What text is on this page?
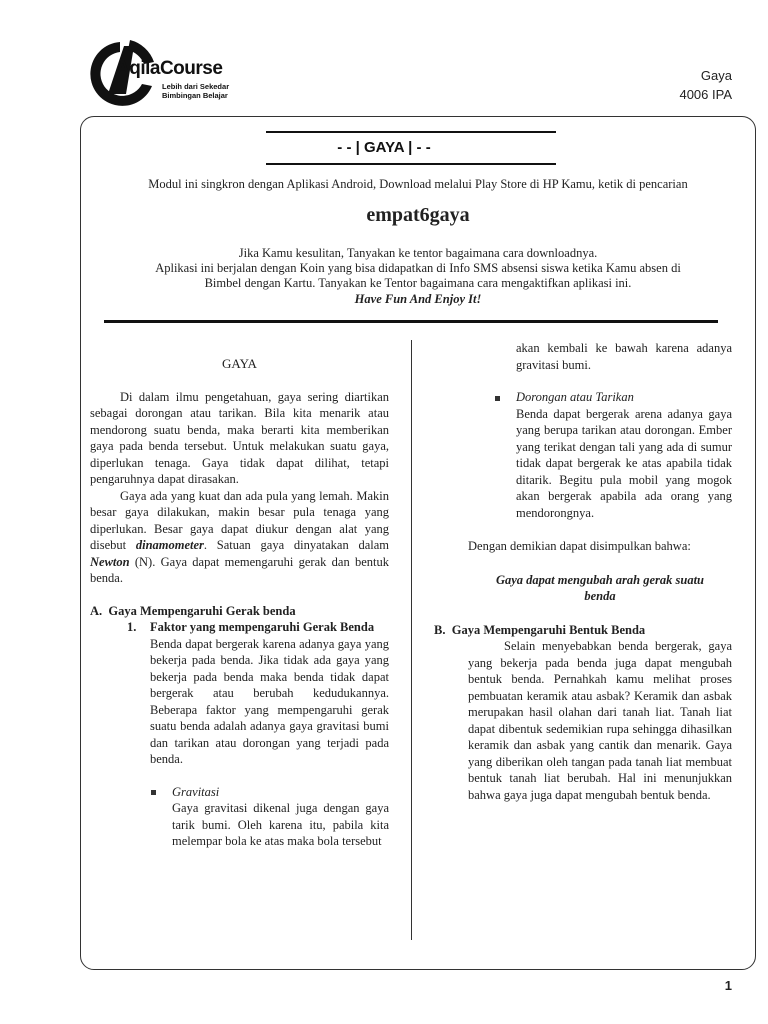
AqilaCourse
Lebih dari Sekedar
Bimbingan Belajar
Gaya
4006 IPA
- - | GAYA | - -
Modul ini singkron dengan Aplikasi Android, Download melalui Play Store di HP Kamu, ketik di pencarian
empat6gaya
Jika Kamu kesulitan, Tanyakan ke tentor bagaimana cara downloadnya.
Aplikasi ini berjalan dengan Koin yang bisa didapatkan di Info SMS absensi siswa ketika Kamu absen di
Bimbel dengan Kartu. Tanyakan ke Tentor bagaimana cara mengaktifkan aplikasi ini.
Have Fun And Enjoy It!

GAYA

Di dalam ilmu pengetahuan, gaya sering diartikan sebagai dorongan atau tarikan. Bila kita menarik atau mendorong suatu benda, maka berarti kita memberikan gaya pada benda tersebut. Untuk melakukan suatu gaya, diperlukan tenaga. Gaya tidak dapat dilihat, tetapi pengaruhnya dapat dirasakan.

Gaya ada yang kuat dan ada pula yang lemah. Makin besar gaya dilakukan, makin besar pula tenaga yang diperlukan. Besar gaya dapat diukur dengan alat yang disebut dinamometer. Satuan gaya dinyatakan dalam Newton (N). Gaya dapat memengaruhi gerak dan bentuk benda.

A. Gaya Mempengaruhi Gerak benda

1. Faktor yang mempengaruhi Gerak Benda

Benda dapat bergerak karena adanya gaya yang bekerja pada benda. Jika tidak ada gaya yang bekerja pada benda maka benda tidak dapat bergerak atau berubah kedudukannya. Beberapa faktor yang mempengaruhi gerak suatu benda adalah adanya gaya gravitasi bumi dan tarikan atau dorongan yang terjadi pada benda.

Gravitasi

Gaya gravitasi dikenal juga dengan gaya tarik bumi. Oleh karena itu, pabila kita melempar bola ke atas maka bola tersebut

akan kembali ke bawah karena adanya gravitasi bumi.

Dorongan atau Tarikan

Benda dapat bergerak arena adanya gaya yang berupa tarikan atau dorongan. Ember yang terikat dengan tali yang ada di sumur tidak dapat bergerak ke atas apabila tidak ditarik. Begitu pula mobil yang mogok akan bergerak apabila ada orang yang mendorongnya.

Dengan demikian dapat disimpulkan bahwa:

Gaya dapat mengubah arah gerak suatu benda

B. Gaya Mempengaruhi Bentuk Benda

Selain menyebabkan benda bergerak, gaya yang bekerja pada benda juga dapat mengubah bentuk benda. Pernahkah kamu melihat proses pembuatan keramik atau asbak? Keramik dan asbak merupakan hasil olahan dari tanah liat. Tanah liat dapat dibentuk sedemikian rupa sehingga dihasilkan keramik dan asbak yang cantik dan menarik. Gaya yang diberikan oleh tangan pada tanah liat membuat bentuk tanah liat berubah. Hal ini menunjukkan bahwa gaya juga dapat mengubah bentuk benda.

1
